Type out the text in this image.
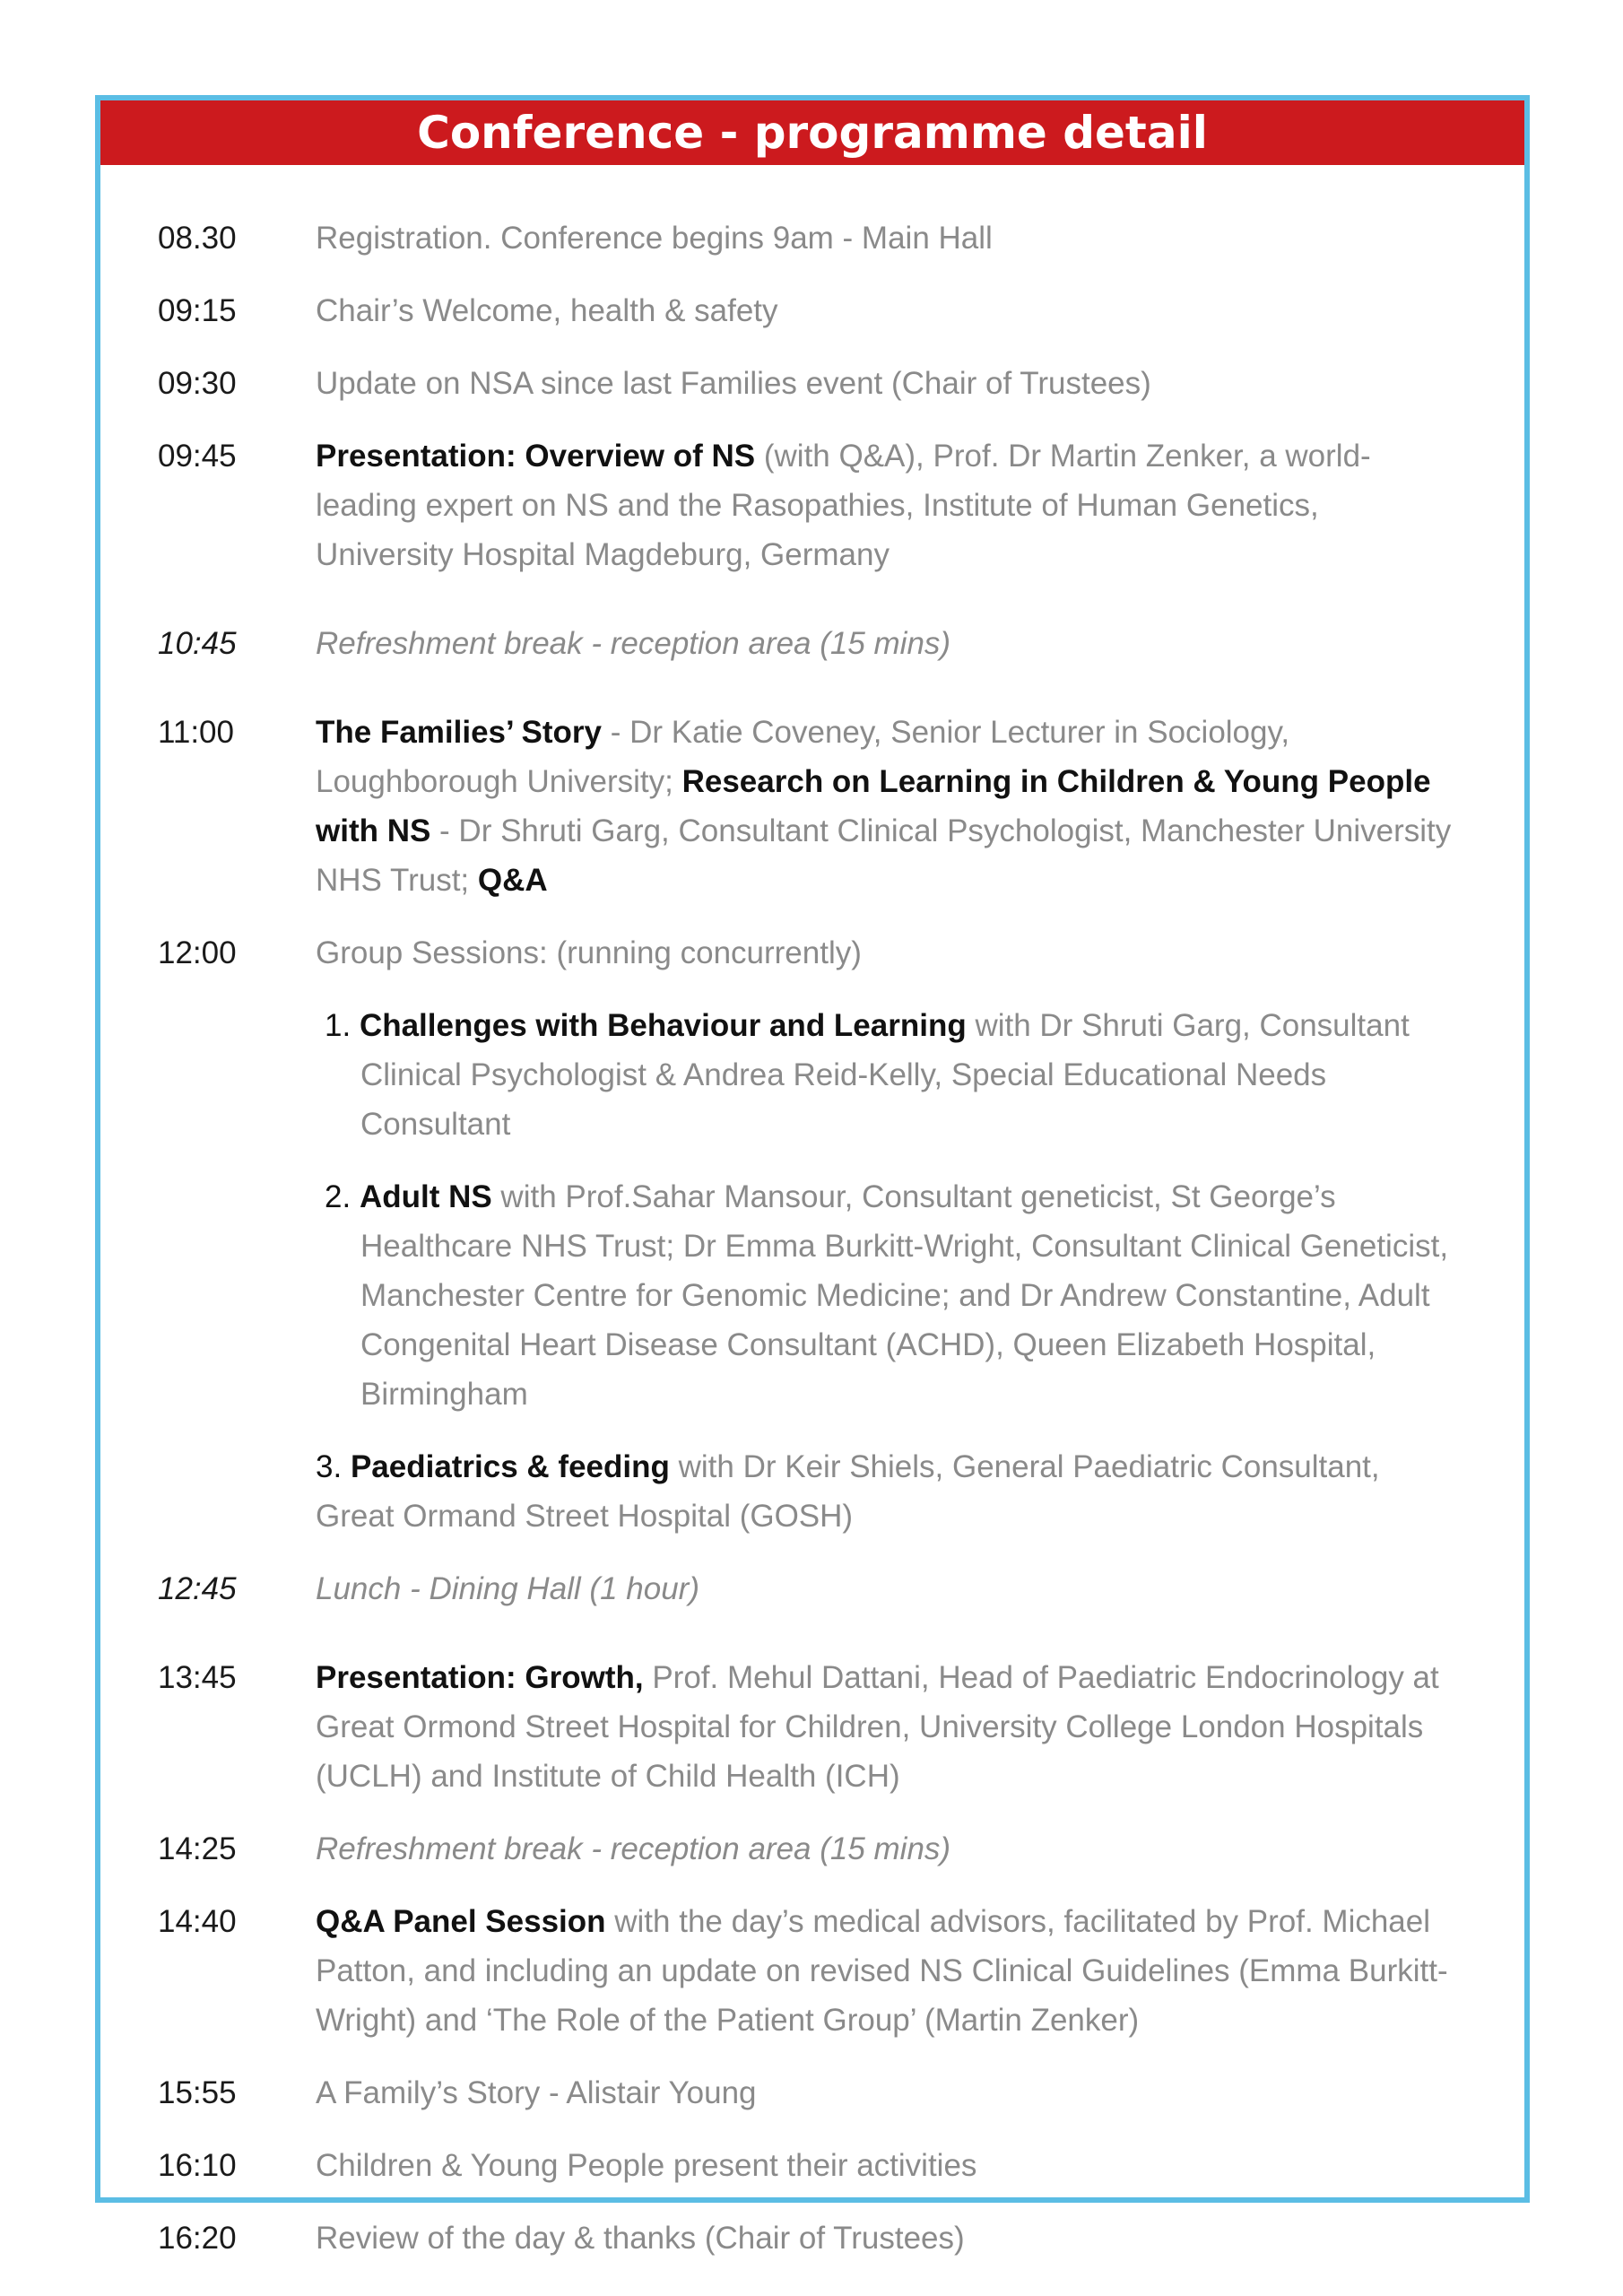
Conference - programme detail
08.30	Registration. Conference begins 9am - Main Hall
09:15	Chair’s Welcome, health & safety
09:30	Update on NSA since last Families event (Chair of Trustees)
09:45	Presentation: Overview of NS (with Q&A), Prof. Dr Martin Zenker, a world-leading expert on NS and the Rasopathies, Institute of Human Genetics, University Hospital Magdeburg, Germany
10:45	Refreshment break - reception area (15 mins)
11:00	The Families’ Story - Dr Katie Coveney, Senior Lecturer in Sociology, Loughborough University; Research on Learning in Children & Young People with NS - Dr Shruti Garg, Consultant Clinical Psychologist, Manchester University NHS Trust; Q&A
12:00	Group Sessions: (running concurrently)
1. Challenges with Behaviour and Learning with Dr Shruti Garg, Consultant Clinical Psychologist & Andrea Reid-Kelly, Special Educational Needs Consultant
2. Adult NS with Prof.Sahar Mansour, Consultant geneticist, St George’s Healthcare NHS Trust; Dr Emma Burkitt-Wright, Consultant Clinical Geneticist, Manchester Centre for Genomic Medicine; and Dr Andrew Constantine, Adult Congenital Heart Disease Consultant (ACHD), Queen Elizabeth Hospital, Birmingham
3. Paediatrics & feeding with Dr Keir Shiels, General Paediatric Consultant, Great Ormand Street Hospital (GOSH)
12:45	Lunch - Dining Hall (1 hour)
13:45	Presentation: Growth, Prof. Mehul Dattani, Head of Paediatric Endocrinology at Great Ormond Street Hospital for Children, University College London Hospitals (UCLH) and Institute of Child Health (ICH)
14:25	Refreshment break - reception area (15 mins)
14:40	Q&A Panel Session with the day’s medical advisors, facilitated by Prof. Michael Patton, and including an update on revised NS Clinical Guidelines (Emma Burkitt-Wright) and ‘The Role of the Patient Group’ (Martin Zenker)
15:55	A Family’s Story - Alistair Young
16:10	Children & Young People present their activities
16:20	Review of the day & thanks (Chair of Trustees)
